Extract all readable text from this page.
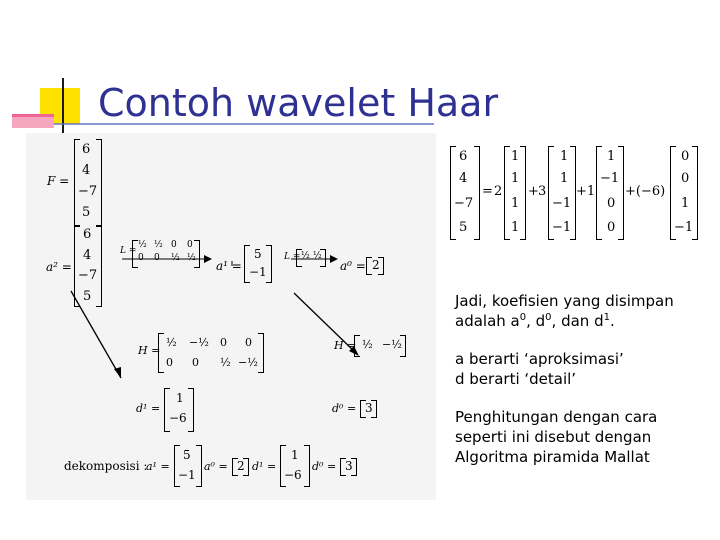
Contoh wavelet Haar
F =
6
4
−7
5
a² =
6
4
−7
5
L =
½ ½ 0 0
0 0 ½ ½
a¹ =
5
−1
L = ½ ½
a⁰ = 2
H =
½ −½ 0 0
0 0 ½ −½
H = ½ −½
d¹ =
1
−6
d⁰ = 3
dekomposisi :
a¹ =
5
−1
a⁰ = 2 d¹ =
1
−6
d⁰ = 3
6
4
−7
5
= 2
1
1
1
1
+ 3
1
1
−1
−1
+1
1
−1
0
0
+(−6)
0
0
1
−1

Jadi, koefisien yang disimpan adalah $a^0$, $d^0$, dan $d^1$.

a berarti ‘aproksimasi’
d berarti ‘detail’

Penghitungan dengan cara seperti ini disebut dengan Algoritma piramida Mallat
